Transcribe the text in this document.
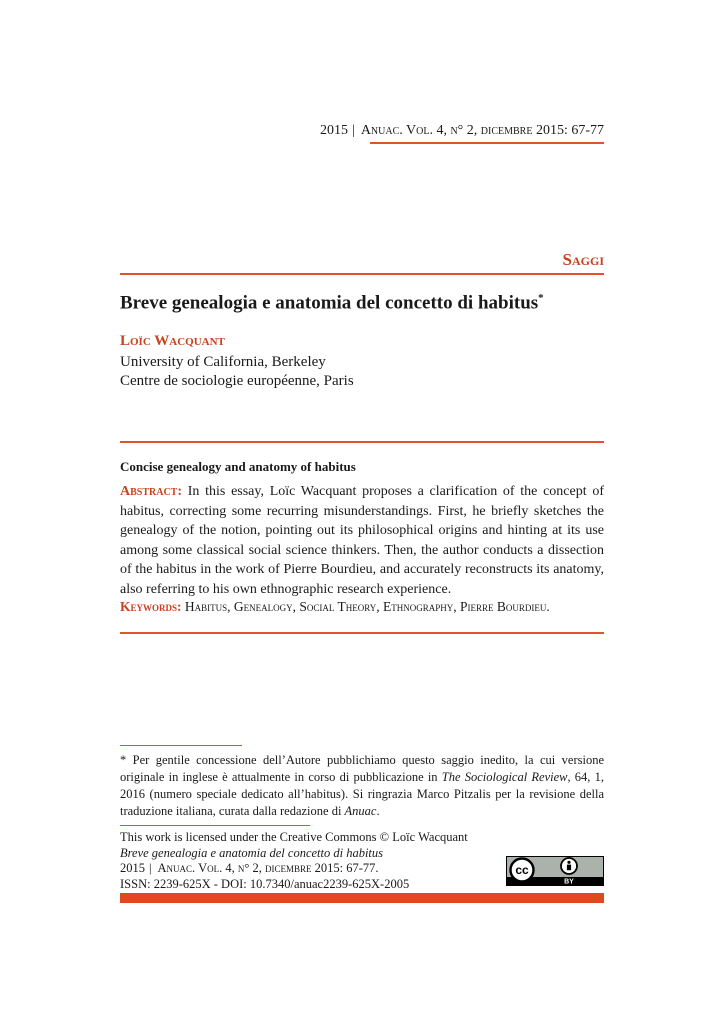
2015 | Anuac. Vol. 4, n° 2, dicembre 2015: 67-77
Saggi
Breve genealogia e anatomia del concetto di habitus*
Loïc Wacquant
University of California, Berkeley
Centre de sociologie européenne, Paris
Concise genealogy and anatomy of habitus
Abstract: In this essay, Loïc Wacquant proposes a clarification of the concept of habitus, correcting some recurring misunderstandings. First, he briefly sketches the genealogy of the notion, pointing out its philosophical origins and hinting at its use among some classical social science thinkers. Then, the author conducts a dissection of the habitus in the work of Pierre Bourdieu, and accurately reconstructs its anatomy, also referring to his own ethnographic research experience.
Keywords: Habitus, Genealogy, Social Theory, Ethnography, Pierre Bourdieu.
* Per gentile concessione dell’Autore pubblichiamo questo saggio inedito, la cui versione originale in inglese è attualmente in corso di pubblicazione in The Sociological Review, 64, 1, 2016 (numero speciale dedicato all’habitus). Si ringrazia Marco Pitzalis per la revisione della traduzione italiana, curata dalla redazione di Anuac.
This work is licensed under the Creative Commons © Loïc Wacquant
Breve genealogia e anatomia del concetto di habitus
2015 | Anuac. Vol. 4, n° 2, dicembre 2015: 67-77.
ISSN: 2239-625X - DOI: 10.7340/anuac2239-625X-2005
cc
BY
